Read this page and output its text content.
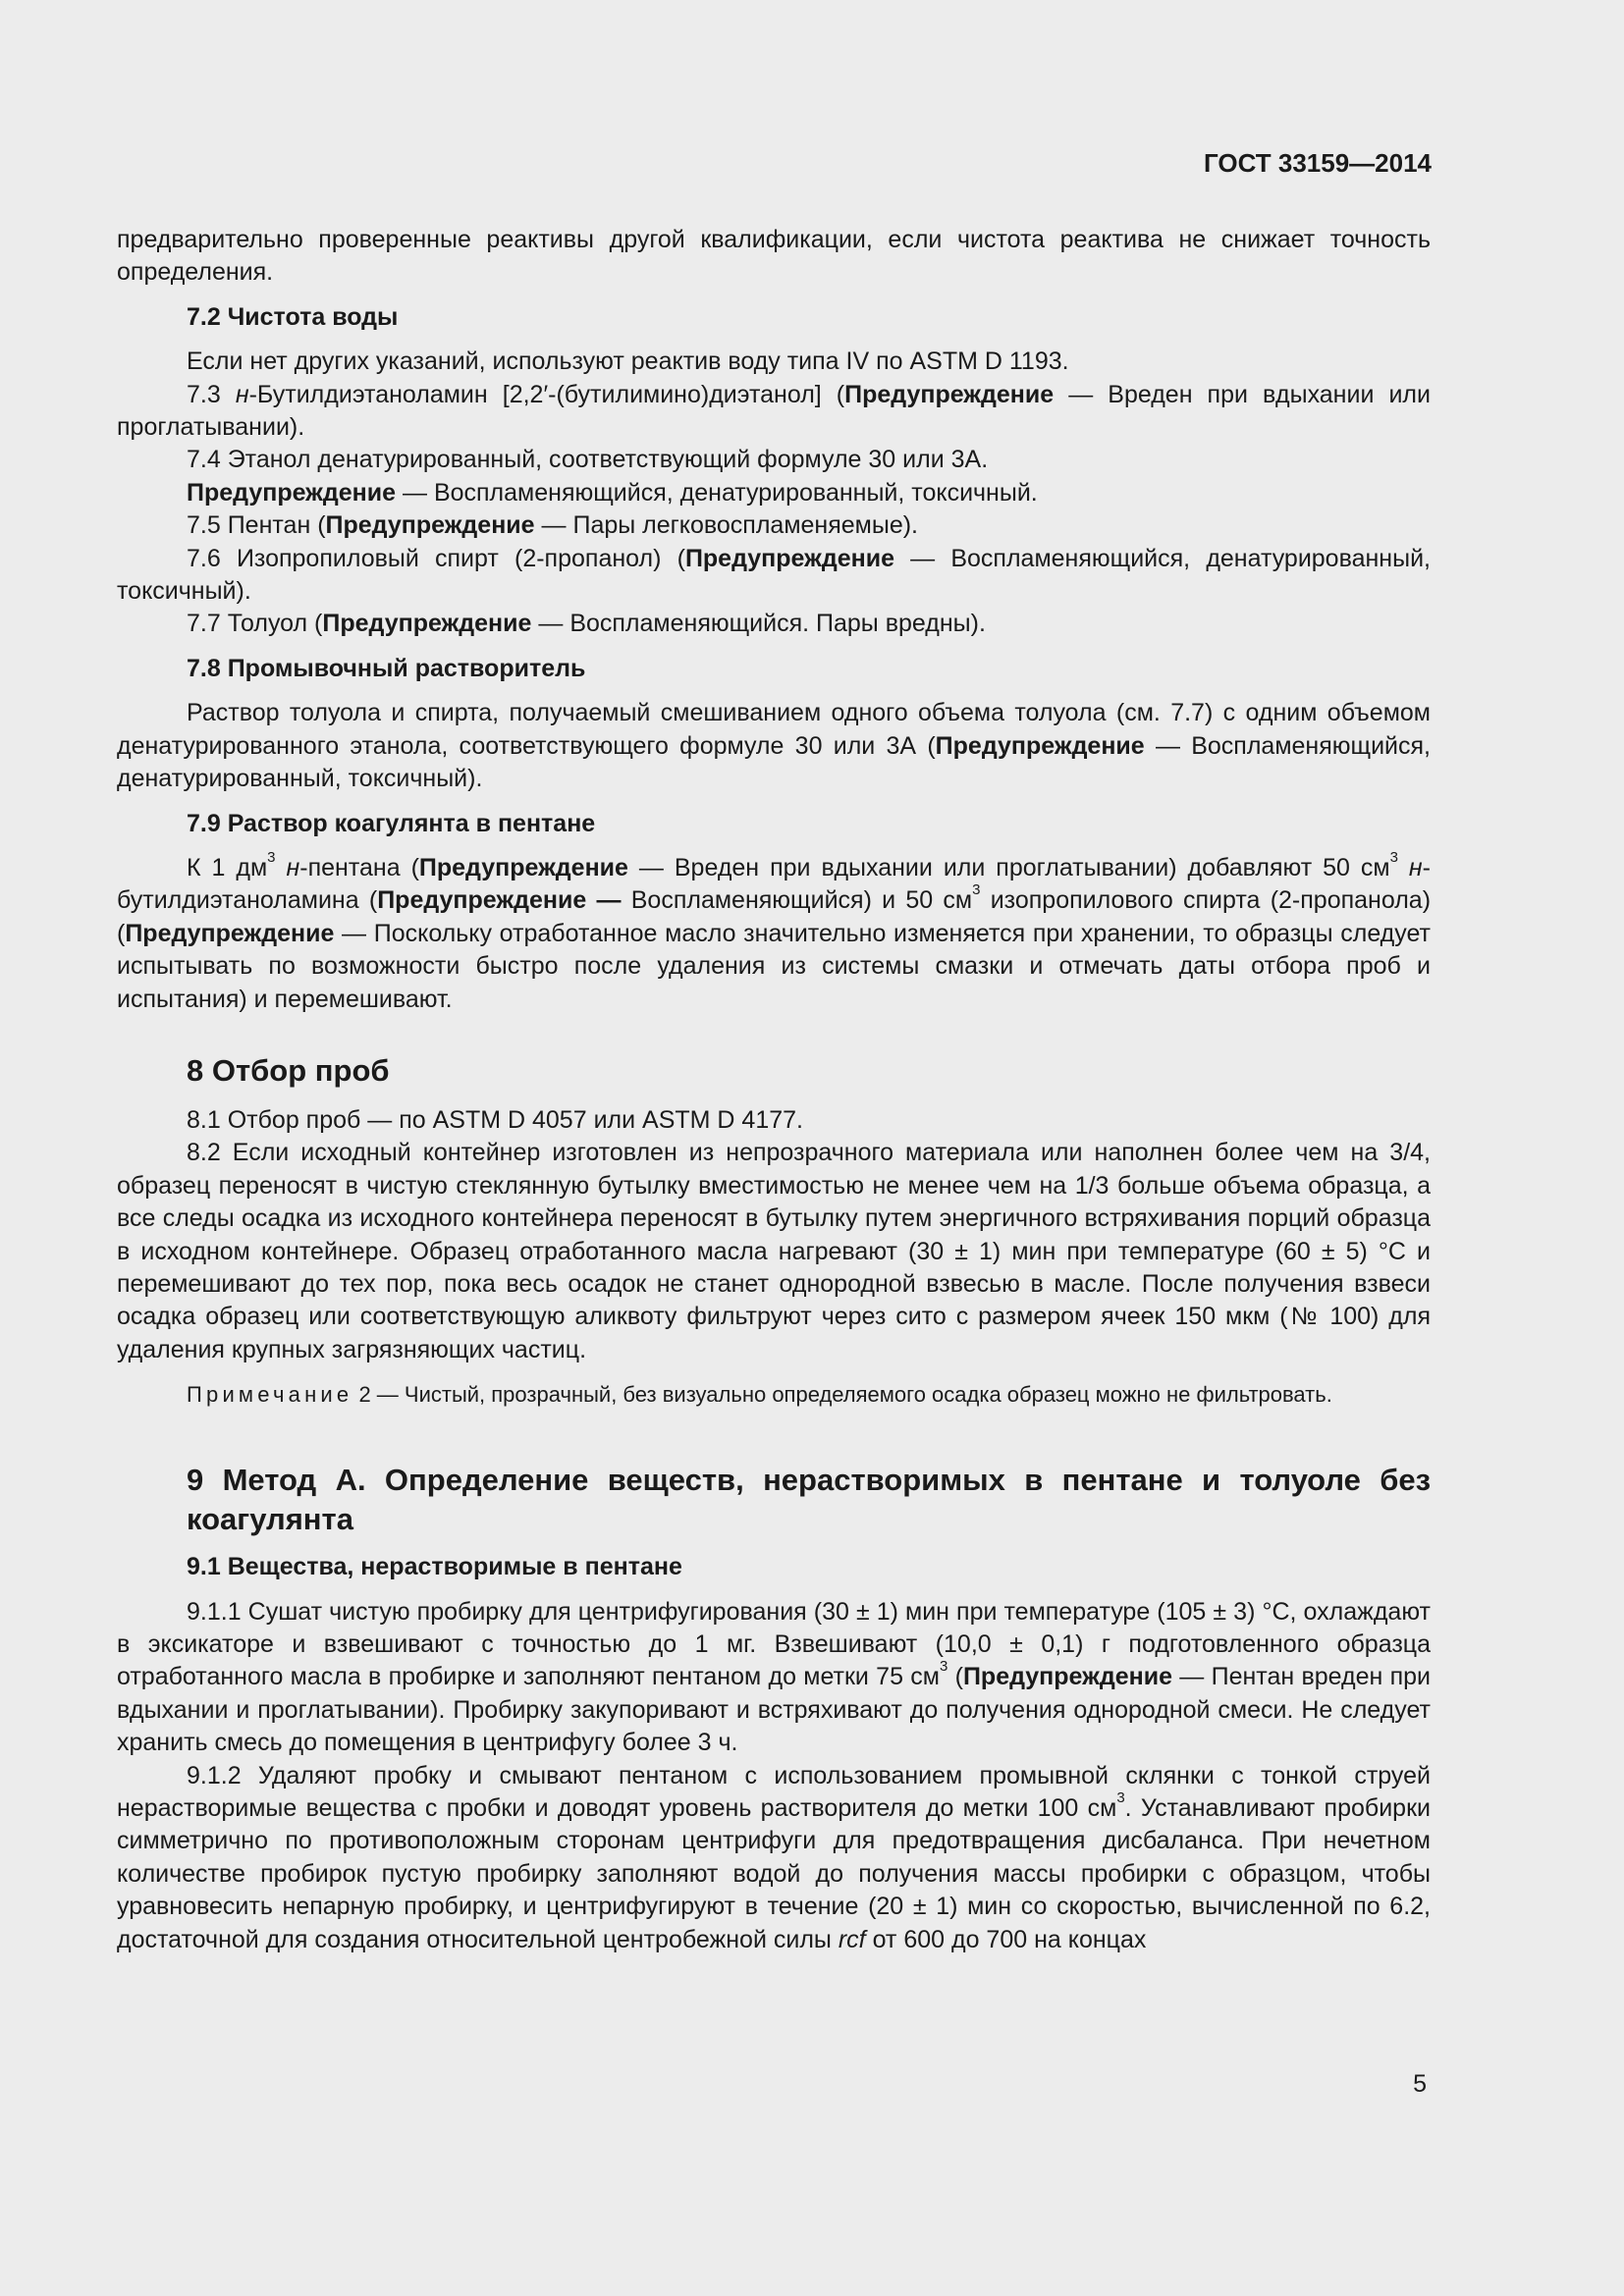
ГОСТ 33159—2014

предварительно проверенные реактивы другой квалификации, если чистота реактива не снижает точность определения.

7.2 Чистота воды

Если нет других указаний, используют реактив воду типа IV по ASTM D 1193.

7.3 н-Бутилдиэтаноламин [2,2′-(бутилимино)диэтанол] (Предупреждение — Вреден при вдыхании или проглатывании).

7.4 Этанол денатурированный, соответствующий формуле 30 или 3А.

Предупреждение — Воспламеняющийся, денатурированный, токсичный.

7.5 Пентан (Предупреждение — Пары легковоспламеняемые).

7.6 Изопропиловый спирт (2-пропанол) (Предупреждение — Воспламеняющийся, денатурированный, токсичный).

7.7 Толуол (Предупреждение — Воспламеняющийся. Пары вредны).

7.8 Промывочный растворитель

Раствор толуола и спирта, получаемый смешиванием одного объема толуола (см. 7.7) с одним объемом денатурированного этанола, соответствующего формуле 30 или 3А (Предупреждение — Воспламеняющийся, денатурированный, токсичный).

7.9 Раствор коагулянта в пентане

К 1 $дм^3$ н-пентана (Предупреждение — Вреден при вдыхании или проглатывании) добавляют 50 $см^3$ н-бутилдиэтаноламина (Предупреждение — Воспламеняющийся) и 50 $см^3$ изопропилового спирта (2-пропанола) (Предупреждение — Поскольку отработанное масло значительно изменяется при хранении, то образцы следует испытывать по возможности быстро после удаления из системы смазки и отмечать даты отбора проб и испытания) и перемешивают.

8 Отбор проб

8.1 Отбор проб — по ASTM D 4057 или ASTM D 4177.

8.2 Если исходный контейнер изготовлен из непрозрачного материала или наполнен более чем на 3/4, образец переносят в чистую стеклянную бутылку вместимостью не менее чем на 1/3 больше объема образца, а все следы осадка из исходного контейнера переносят в бутылку путем энергичного встряхивания порций образца в исходном контейнере. Образец отработанного масла нагревают (30 ± 1) мин при температуре (60 ± 5) °С и перемешивают до тех пор, пока весь осадок не станет однородной взвесью в масле. После получения взвеси осадка образец или соответствующую аликвоту фильтруют через сито с размером ячеек 150 мкм (№ 100) для удаления крупных загрязняющих частиц.

Примечание 2 — Чистый, прозрачный, без визуально определяемого осадка образец можно не фильтровать.

9 Метод А. Определение веществ, нерастворимых в пентане и толуоле без коагулянта

9.1 Вещества, нерастворимые в пентане

9.1.1 Сушат чистую пробирку для центрифугирования (30 ± 1) мин при температуре (105 ± 3) °С, охлаждают в эксикаторе и взвешивают с точностью до 1 мг. Взвешивают (10,0 ± 0,1) г подготовленного образца отработанного масла в пробирке и заполняют пентаном до метки 75 $см^3$ (Предупреждение — Пентан вреден при вдыхании и проглатывании). Пробирку закупоривают и встряхивают до получения однородной смеси. Не следует хранить смесь до помещения в центрифугу более 3 ч.

9.1.2 Удаляют пробку и смывают пентаном с использованием промывной склянки с тонкой струей нерастворимые вещества с пробки и доводят уровень растворителя до метки 100 $см^3$. Устанавливают пробирки симметрично по противоположным сторонам центрифуги для предотвращения дисбаланса. При нечетном количестве пробирок пустую пробирку заполняют водой до получения массы пробирки с образцом, чтобы уравновесить непарную пробирку, и центрифугируют в течение (20 ± 1) мин со скоростью, вычисленной по 6.2, достаточной для создания относительной центробежной силы rcf от 600 до 700 на концах

5
